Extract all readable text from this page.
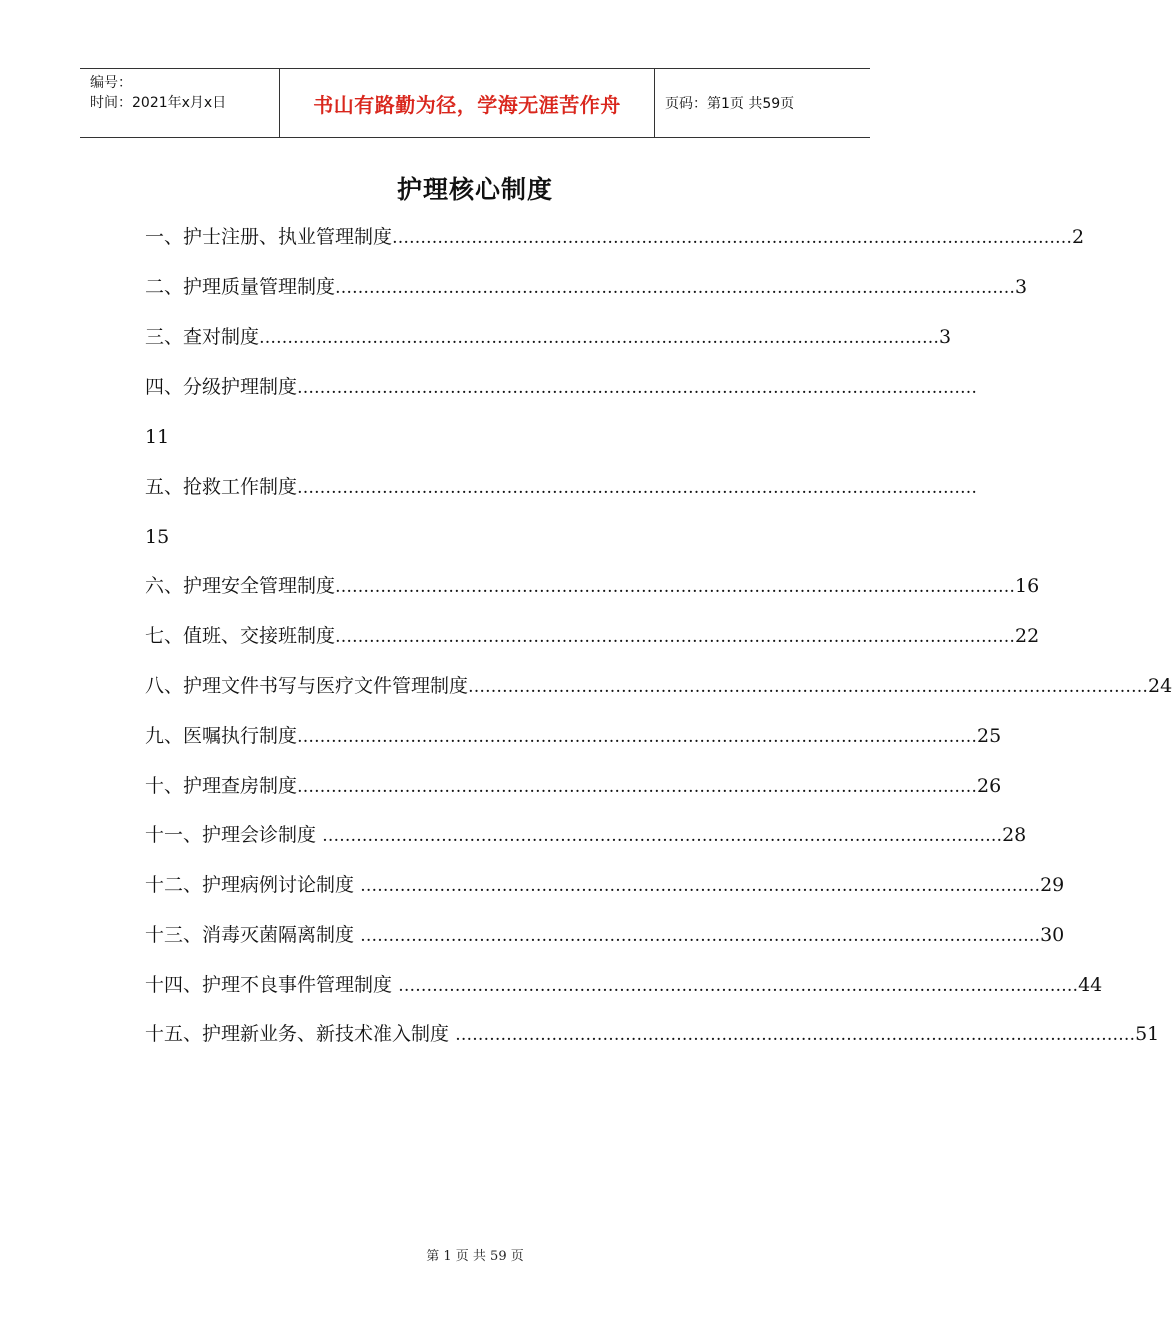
编号：
时间：2021年x月x日	书山有路勤为径，学海无涯苦作舟	页码：第1页 共59页
护理核心制度
一、 护士注册、执业管理制度 ………………………………………………………………………………………………………… 2
二、 护理质量管理制度 ………………………………………………………………………………………………………… 3
三、 查对制度 ………………………………………………………………………………………………………… 3
四、 分级护理制度 …………………………………………………………………………………………………………
11
五、 抢救工作制度 …………………………………………………………………………………………………………
15
六、 护理安全管理制度 ………………………………………………………………………………………………………… 16
七、 值班、交接班制度 ………………………………………………………………………………………………………… 22
八、 护理文件书写与医疗文件管理制度 ………………………………………………………………………………………………………… 24
九、 医嘱执行制度 ………………………………………………………………………………………………………… 25
十、 护理查房制度 ………………………………………………………………………………………………………… 26
十一、 护理会诊制度 ………………………………………………………………………………………………………… 28
十二、 护理病例讨论制度 ………………………………………………………………………………………………………… 29
十三、 消毒灭菌隔离制度 ………………………………………………………………………………………………………… 30
十四、 护理不良事件管理制度 ………………………………………………………………………………………………………… 44
十五、 护理新业务、新技术准入制度 ………………………………………………………………………………………………………… 51
第 1 页 共 59 页
